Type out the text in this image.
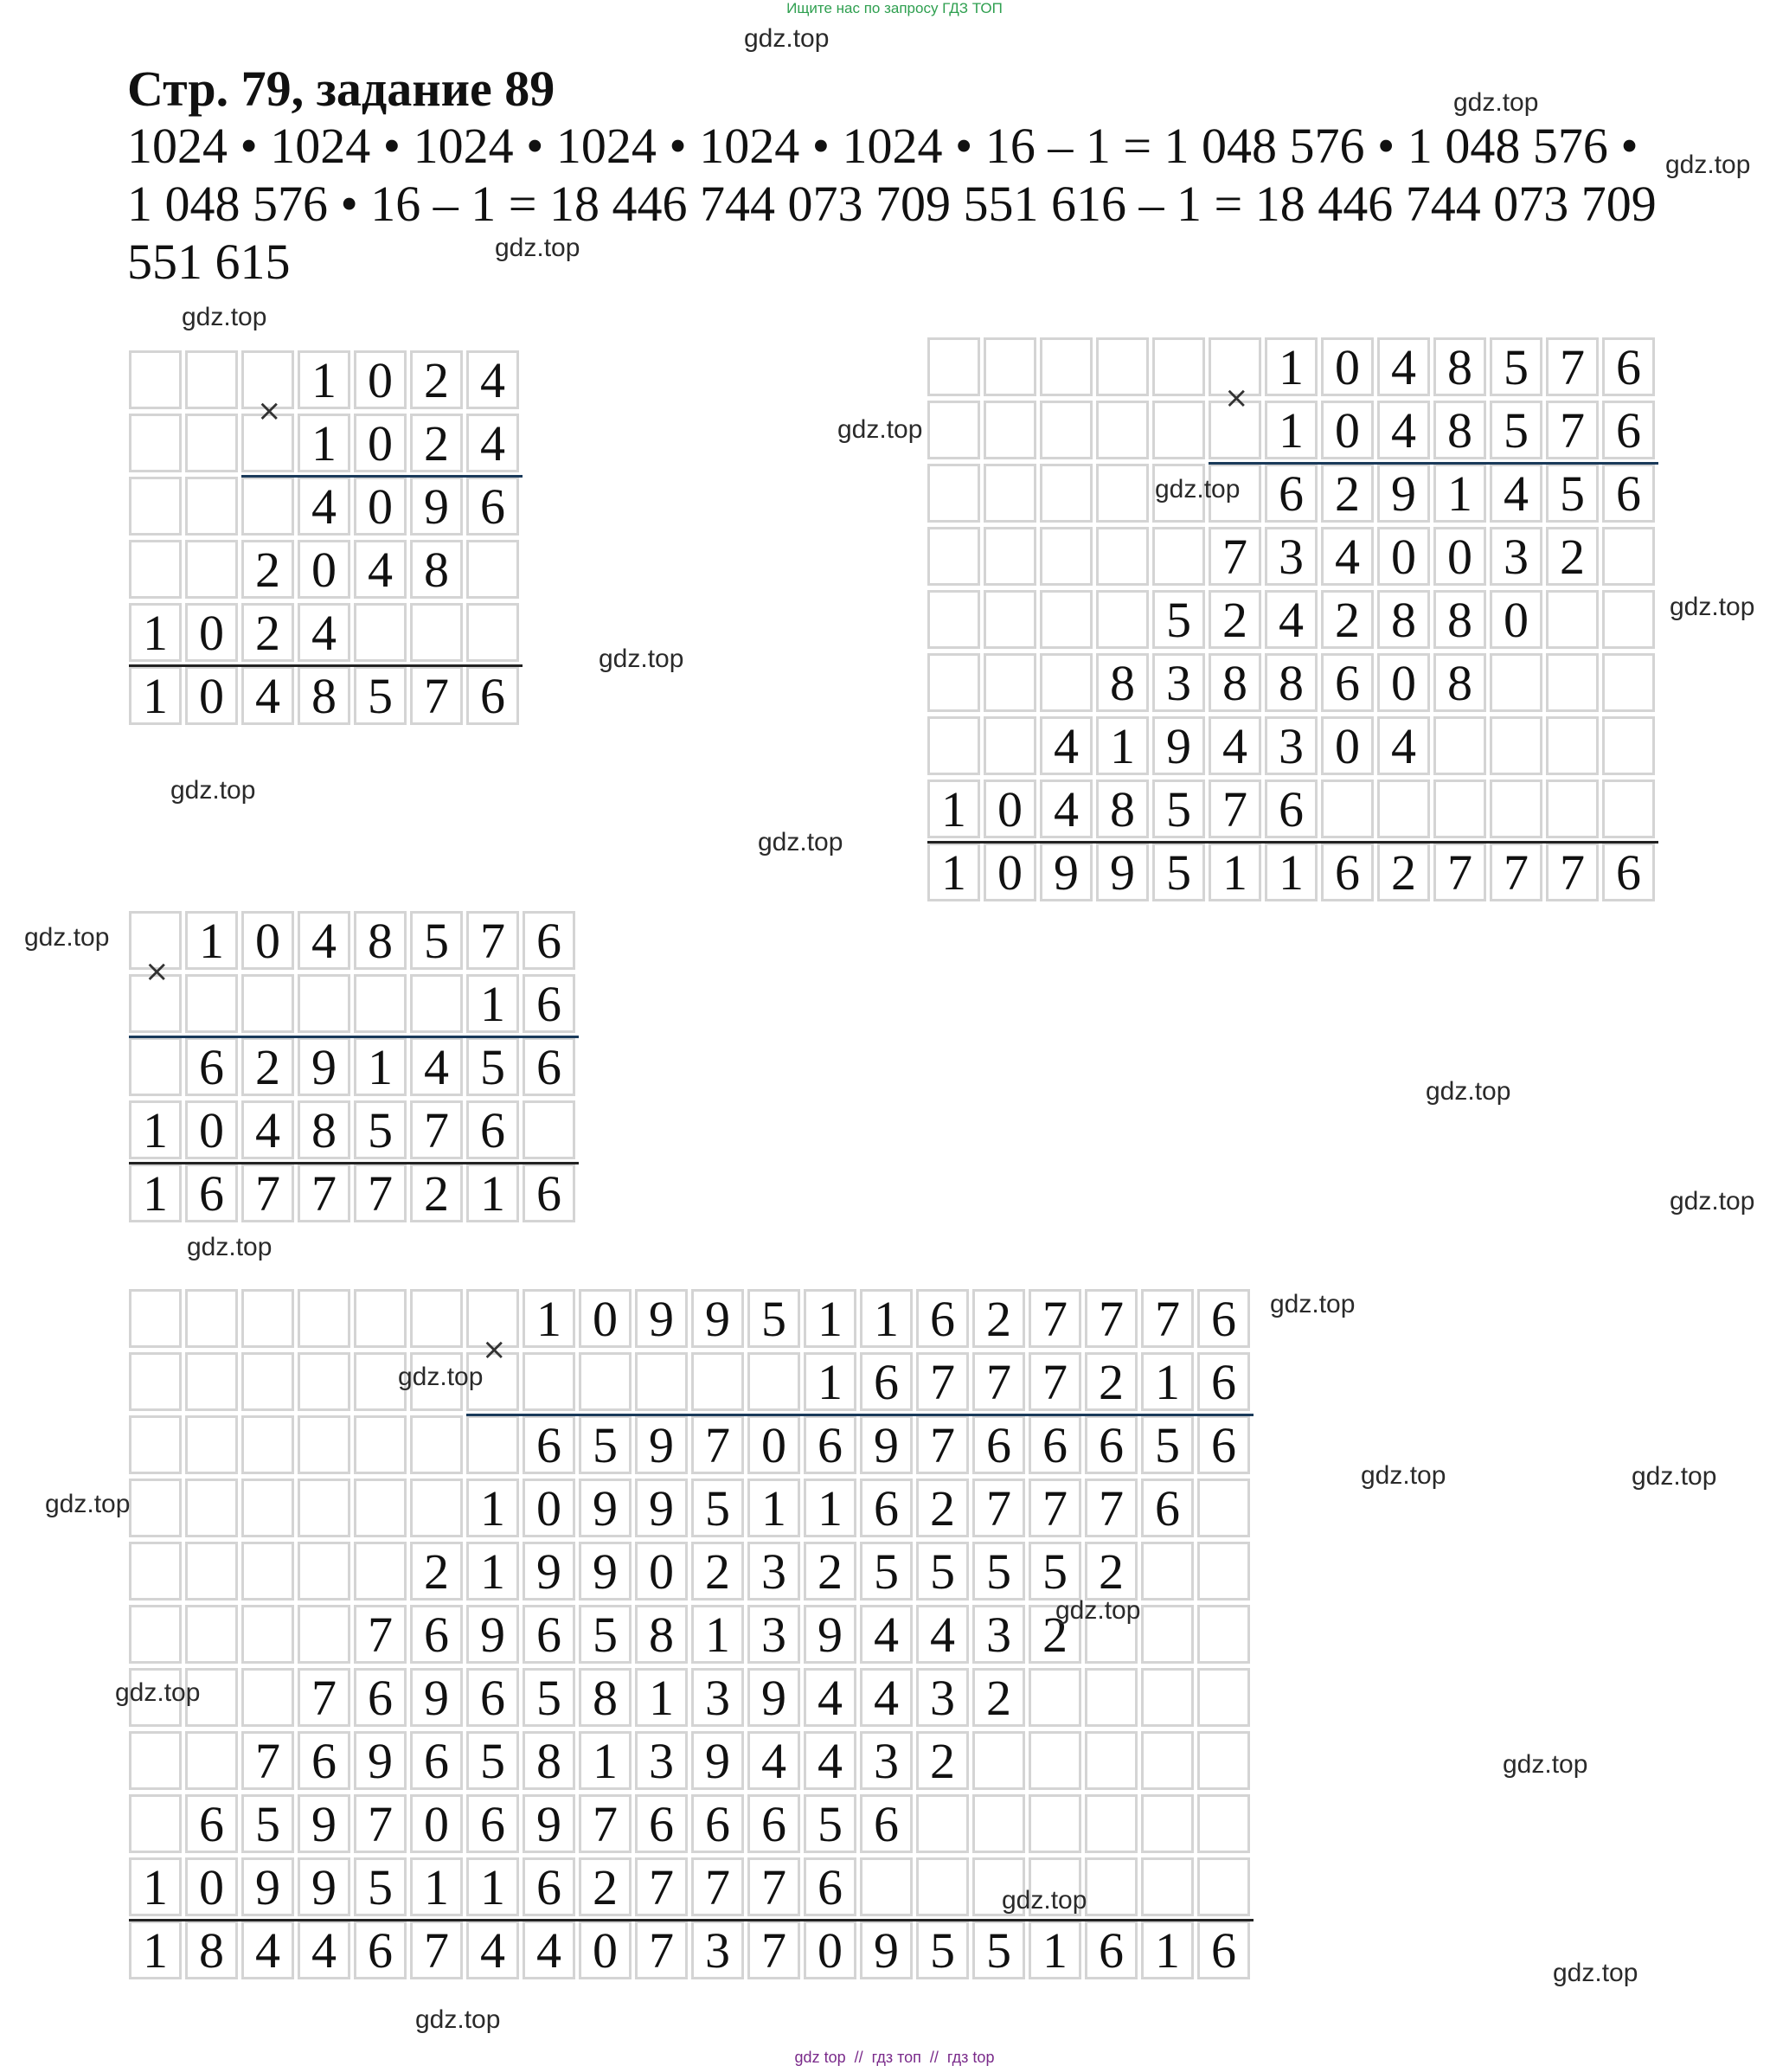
Ищите нас по запросу ГДЗ ТОП
Стр. 79, задание 89
1024 • 1024 • 1024 • 1024 • 1024 • 1024 • 16 – 1 = 1 048 576 • 1 048 576 •
1 048 576 • 16 – 1 = 18 446 744 073 709 551 616 – 1 = 18 446 744 073 709
551 615
1 0 2 4
1 0 2 4
4 0 9 6
2 0 4 8
1 0 2 4
1 0 4 8 5 7 6
×
1 0 4 8 5 7 6
1 0 4 8 5 7 6
6 2 9 1 4 5 6
7 3 4 0 0 3 2
5 2 4 2 8 8 0
8 3 8 8 6 0 8
4 1 9 4 3 0 4
1 0 4 8 5 7 6
1 0 9 9 5 1 1 6 2 7 7 7 6
×
1 0 4 8 5 7 6
1 6
6 2 9 1 4 5 6
1 0 4 8 5 7 6
1 6 7 7 7 2 1 6
×
1 0 9 9 5 1 1 6 2 7 7 7 6
1 6 7 7 7 2 1 6
6 5 9 7 0 6 9 7 6 6 6 5 6
1 0 9 9 5 1 1 6 2 7 7 7 6
2 1 9 9 0 2 3 2 5 5 5 5 2
7 6 9 6 5 8 1 3 9 4 4 3 2
7 6 9 6 5 8 1 3 9 4 4 3 2
7 6 9 6 5 8 1 3 9 4 4 3 2
6 5 9 7 0 6 9 7 6 6 6 5 6
1 0 9 9 5 1 1 6 2 7 7 7 6
1 8 4 4 6 7 4 4 0 7 3 7 0 9 5 5 1 6 1 6
×
gdz.top
gdz.top
gdz.top
gdz.top
gdz.top
gdz.top
gdz.top
gdz.top
gdz.top
gdz.top
gdz.top
gdz.top
gdz.top
gdz.top
gdz.top
gdz.top
gdz.top
gdz.top
gdz.top
gdz.top
gdz.top
gdz.top
gdz.top
gdz.top
gdz.top
gdz.top
gdz top  //  гдз топ  //  гдз top
